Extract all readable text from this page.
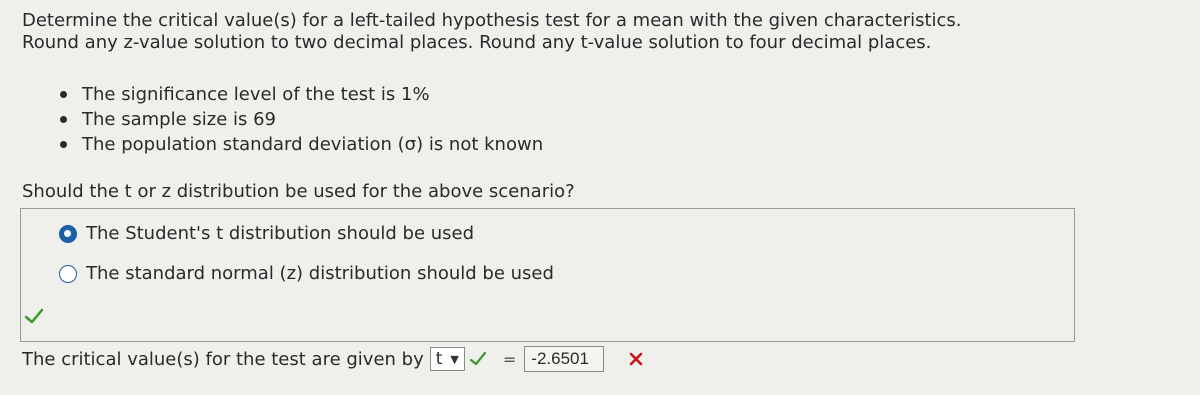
Determine the critical value(s) for a left-tailed hypothesis test for a mean with the given characteristics.
Round any z-value solution to two decimal places. Round any t-value solution to four decimal places.
The significance level of the test is 1%
The sample size is 69
The population standard deviation (σ) is not known
Should the t or z distribution be used for the above scenario?
The Student's t distribution should be used
The standard normal (z) distribution should be used
The critical value(s) for the test are given by t ▼	= -2.6501
